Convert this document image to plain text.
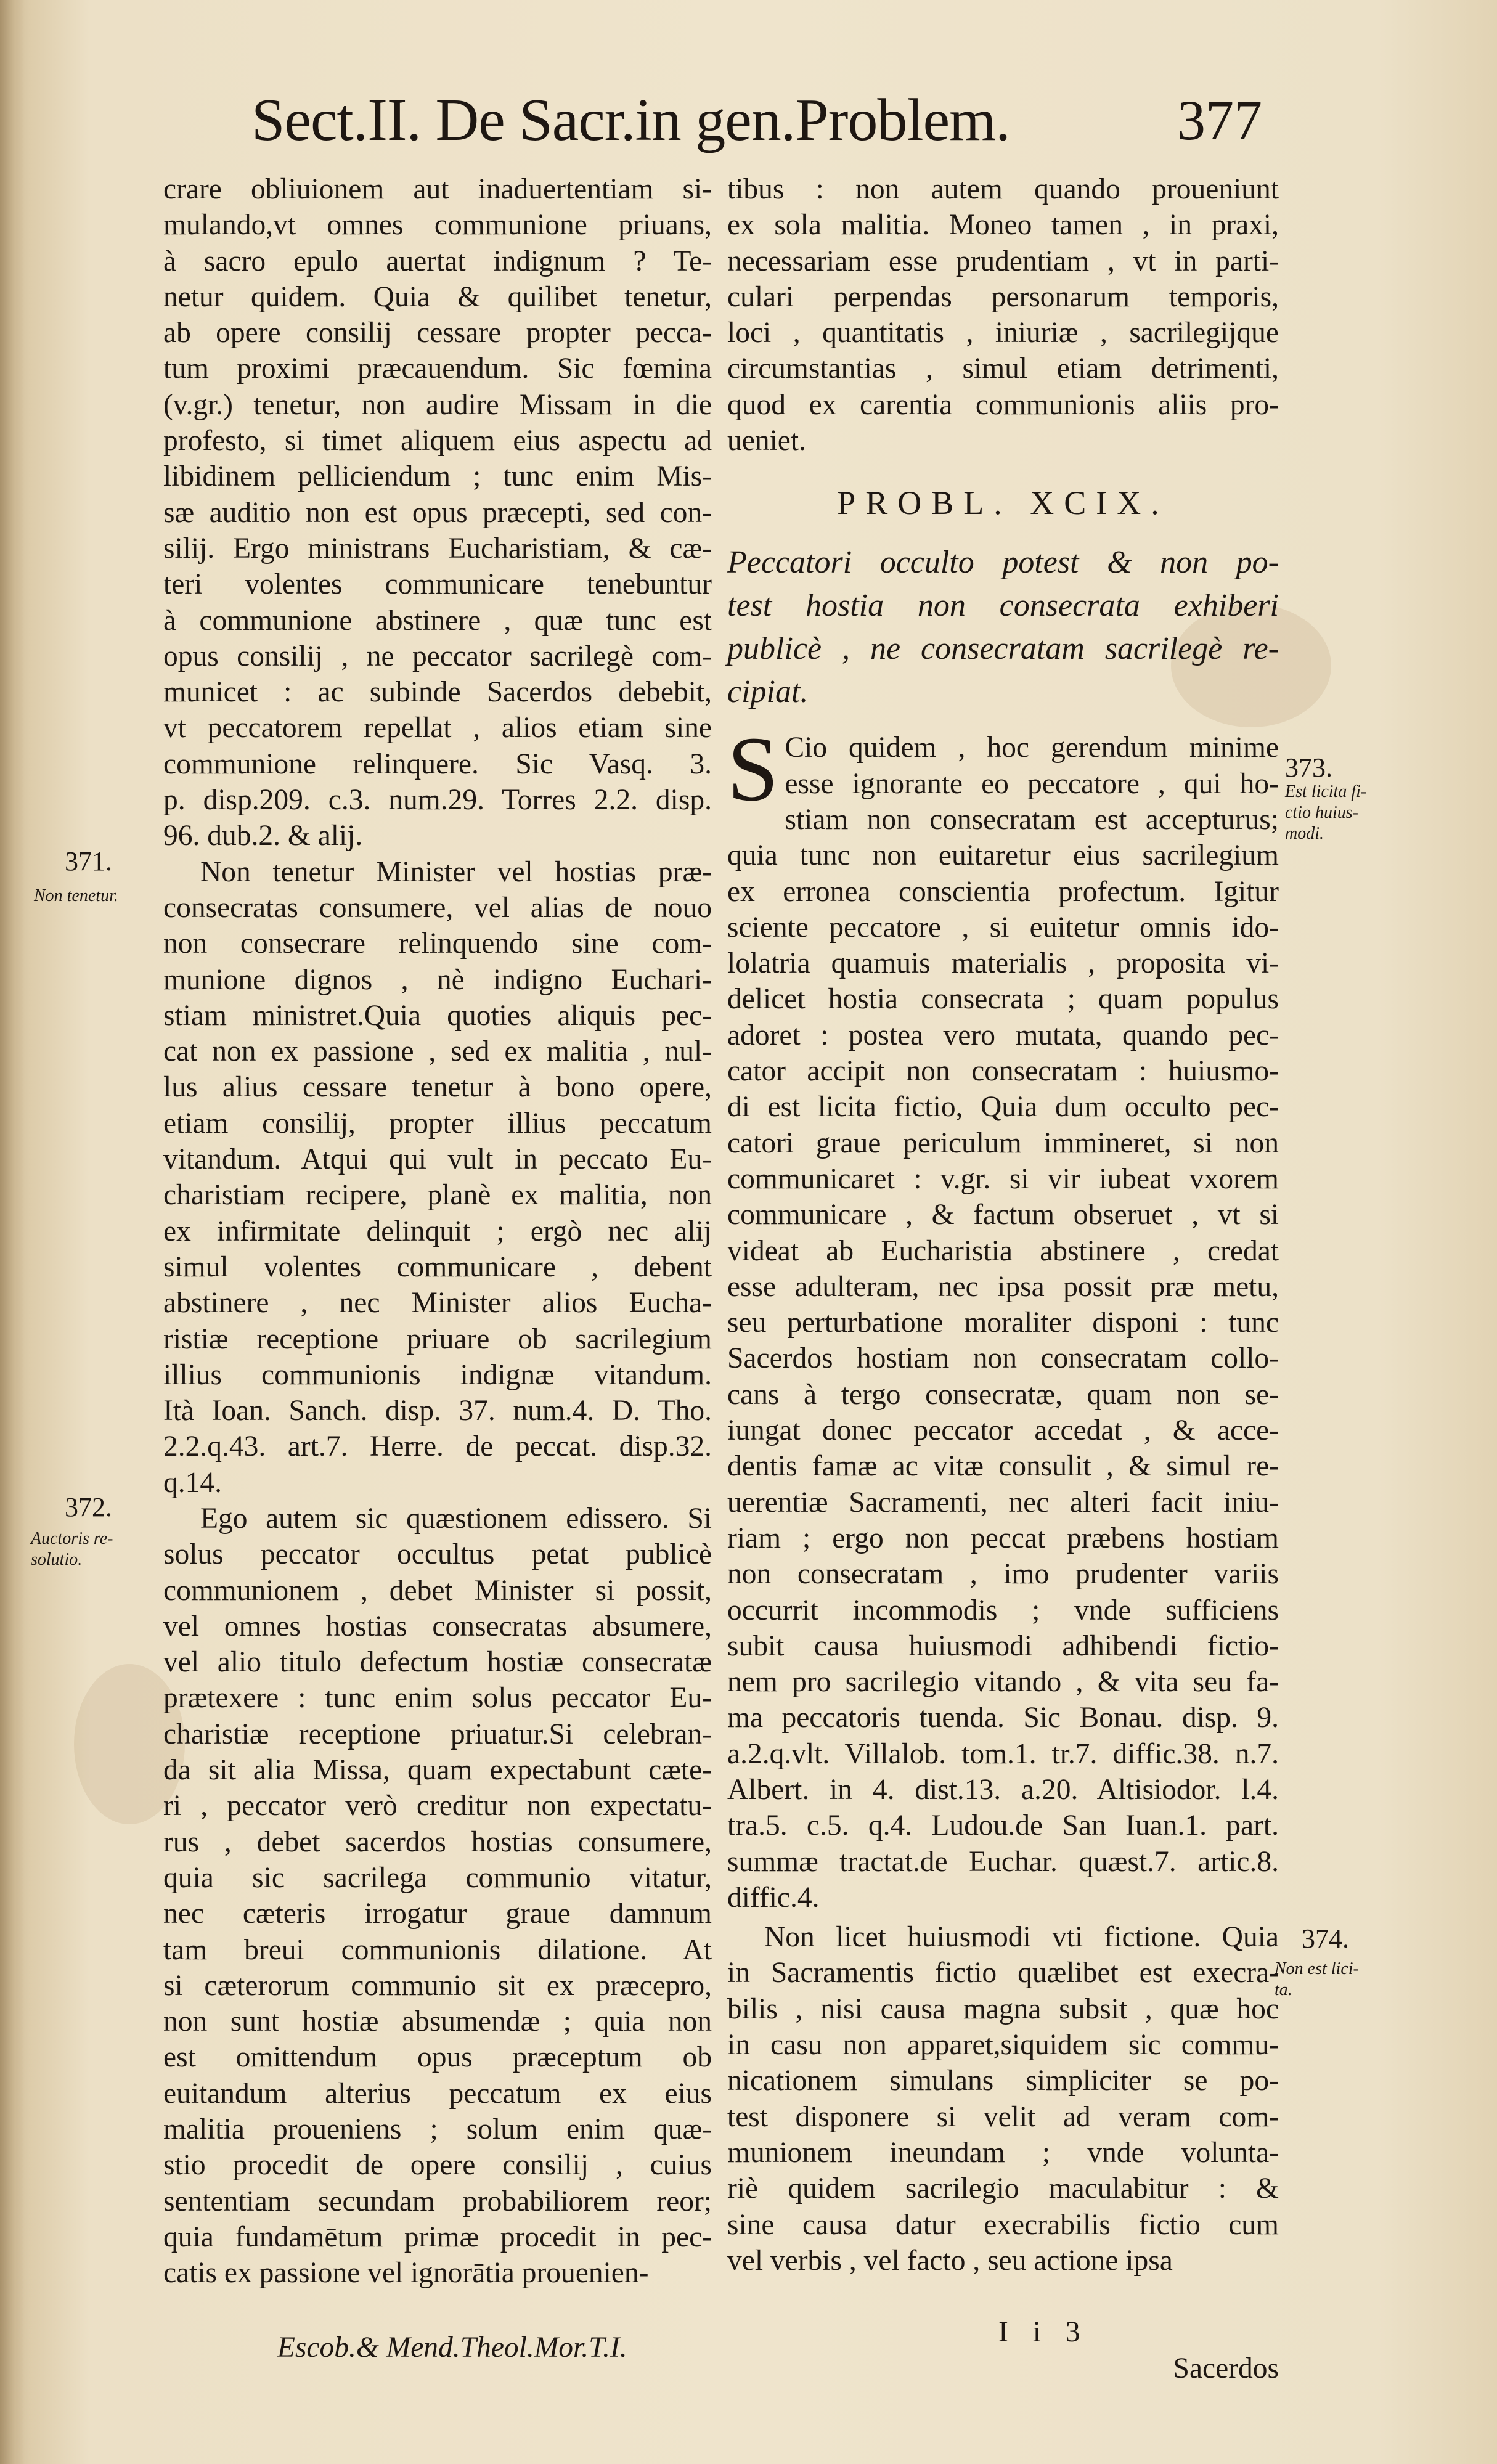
Sect.II. De Sacr.in gen.Problem.	377
crare obliuionem aut inaduertentiam si-
mulando,vt omnes communione priuans,
à sacro epulo auertat indignum ? Te-
netur quidem. Quia & quilibet tenetur,
ab opere consilij cessare propter pecca-
tum proximi præcauendum. Sic fœmina
(v.gr.) tenetur, non audire Missam in die
profesto, si timet aliquem eius aspectu ad
libidinem pelliciendum ; tunc enim Mis-
sæ auditio non est opus præcepti, sed con-
silij. Ergo ministrans Eucharistiam, & cæ-
teri volentes communicare tenebuntur
à communione abstinere , quæ tunc est
opus consilij , ne peccator sacrilegè com-
municet : ac subinde Sacerdos debebit,
vt peccatorem repellat , alios etiam sine
communione relinquere. Sic Vasq. 3.
p. disp.209. c.3. num.29. Torres 2.2. disp.
96. dub.2. & alij.
Non tenetur Minister vel hostias præ-
consecratas consumere, vel alias de nouo
non consecrare relinquendo sine com-
munione dignos , nè indigno Euchari-
stiam ministret.Quia quoties aliquis pec-
cat non ex passione , sed ex malitia , nul-
lus alius cessare tenetur à bono opere,
etiam consilij, propter illius peccatum
vitandum. Atqui qui vult in peccato Eu-
charistiam recipere, planè ex malitia, non
ex infirmitate delinquit ; ergò nec alij
simul volentes communicare , debent
abstinere , nec Minister alios Eucha-
ristiæ receptione priuare ob sacrilegium
illius communionis indignæ vitandum.
Ità Ioan. Sanch. disp. 37. num.4. D. Tho.
2.2.q.43. art.7. Herre. de peccat. disp.32.
q.14.
Ego autem sic quæstionem edissero. Si
solus peccator occultus petat publicè
communionem , debet Minister si possit,
vel omnes hostias consecratas absumere,
vel alio titulo defectum hostiæ consecratæ
prætexere : tunc enim solus peccator Eu-
charistiæ receptione priuatur.Si celebran-
da sit alia Missa, quam expectabunt cæte-
ri , peccator verò creditur non expectatu-
rus , debet sacerdos hostias consumere,
quia sic sacrilega communio vitatur,
nec cæteris irrogatur graue damnum
tam breui communionis dilatione. At
si cæterorum communio sit ex præcepro,
non sunt hostiæ absumendæ ; quia non
est omittendum opus præceptum ob
euitandum alterius peccatum ex eius
malitia proueniens ; solum enim quæ-
stio procedit de opere consilij , cuius
sententiam secundam probabiliorem reor;
quia fundamētum primæ procedit in pec-
catis ex passione vel ignorātia prouenien-

Escob.& Mend.Theol.Mor.T.I.

tibus : non autem quando proueniunt
ex sola malitia. Moneo tamen , in praxi,
necessariam esse prudentiam , vt in parti-
culari perpendas personarum temporis,
loci , quantitatis , iniuriæ , sacrilegijque
circumstantias , simul etiam detrimenti,
quod ex carentia communionis aliis pro-
ueniet.
PROBL. XCIX.
Peccatori occulto potest & non po-
test hostia non consecrata exhiberi
publicè , ne consecratam sacrilegè re-
cipiat.
S Cio quidem , hoc gerendum minime
esse ignorante eo peccatore , qui ho-
stiam non consecratam est accepturus;
quia tunc non euitaretur eius sacrilegium
ex erronea conscientia profectum. Igitur
sciente peccatore , si euitetur omnis ido-
lolatria quamuis materialis , proposita vi-
delicet hostia consecrata ; quam populus
adoret : postea vero mutata, quando pec-
cator accipit non consecratam : huiusmo-
di est licita fictio, Quia dum occulto pec-
catori graue periculum immineret, si non
communicaret : v.gr. si vir iubeat vxorem
communicare , & factum obseruet , vt si
videat ab Eucharistia abstinere , credat
esse adulteram, nec ipsa possit præ metu,
seu perturbatione moraliter disponi : tunc
Sacerdos hostiam non consecratam collo-
cans à tergo consecratæ, quam non se-
iungat donec peccator accedat , & acce-
dentis famæ ac vitæ consulit , & simul re-
uerentiæ Sacramenti, nec alteri facit iniu-
riam ; ergo non peccat præbens hostiam
non consecratam , imo prudenter variis
occurrit incommodis ; vnde sufficiens
subit causa huiusmodi adhibendi fictio-
nem pro sacrilegio vitando , & vita seu fa-
ma peccatoris tuenda. Sic Bonau. disp. 9.
a.2.q.vlt. Villalob. tom.1. tr.7. diffic.38. n.7.
Albert. in 4. dist.13. a.20. Altisiodor. l.4.
tra.5. c.5. q.4. Ludou.de San Iuan.1. part.
summæ tractat.de Euchar. quæst.7. artic.8.
diffic.4.
Non licet huiusmodi vti fictione. Quia
in Sacramentis fictio quælibet est execra-
bilis , nisi causa magna subsit , quæ hoc
in casu non apparet,siquidem sic commu-
nicationem simulans simpliciter se po-
test disponere si velit ad veram com-
munionem ineundam ; vnde volunta-
riè quidem sacrilegio maculabitur : &
sine causa datur execrabilis fictio cum
vel verbis , vel facto , seu actione ipsa

I i 3

Sacerdos

371.
Non tenetur.
372.
Auctoris re-
solutio.
373.
Est licita fi-
ctio huius-
modi.
374.
Non est lici-
ta.
